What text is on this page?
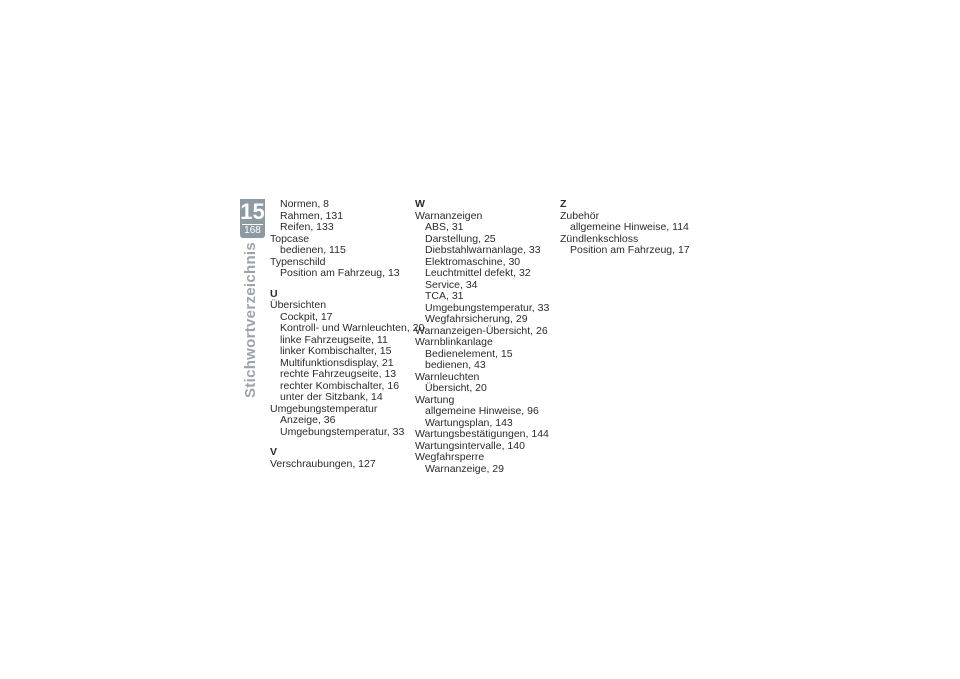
15
168
Stichwortverzeichnis
Normen, 8
Rahmen, 131
Reifen, 133
Topcase
bedienen, 115
Typenschild
Position am Fahrzeug, 13
U
Übersichten
Cockpit, 17
Kontroll- und Warnleuchten, 20
linke Fahrzeugseite, 11
linker Kombischalter, 15
Multifunktionsdisplay, 21
rechte Fahrzeugseite, 13
rechter Kombischalter, 16
unter der Sitzbank, 14
Umgebungstemperatur
Anzeige, 36
Umgebungstemperatur, 33
V
Verschraubungen, 127
W
Warnanzeigen
ABS, 31
Darstellung, 25
Diebstahlwarnanlage, 33
Elektromaschine, 30
Leuchtmittel defekt, 32
Service, 34
TCA, 31
Umgebungstemperatur, 33
Wegfahrsicherung, 29
Warnanzeigen-Übersicht, 26
Warnblinkanlage
Bedienelement, 15
bedienen, 43
Warnleuchten
Übersicht, 20
Wartung
allgemeine Hinweise, 96
Wartungsplan, 143
Wartungsbestätigungen, 144
Wartungsintervalle, 140
Wegfahrsperre
Warnanzeige, 29
Z
Zubehör
allgemeine Hinweise, 114
Zündlenkschloss
Position am Fahrzeug, 17
